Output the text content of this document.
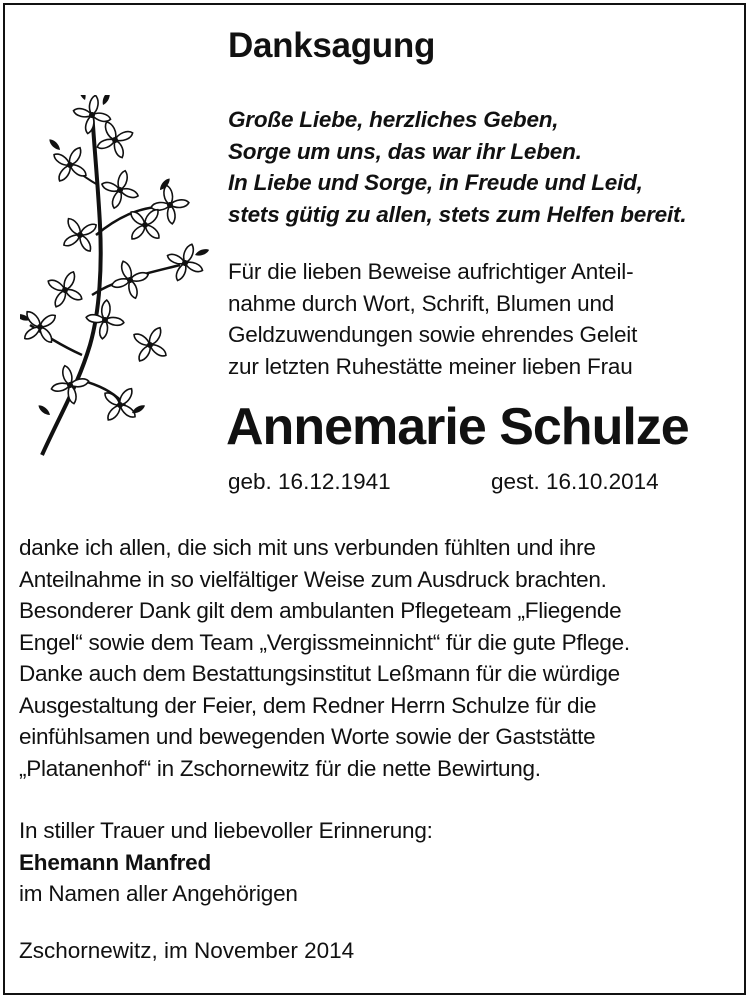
Danksagung
Große Liebe, herzliches Geben,
Sorge um uns, das war ihr Leben.
In Liebe und Sorge, in Freude und Leid,
stets gütig zu allen, stets zum Helfen bereit.
Für die lieben Beweise aufrichtiger Anteil-
nahme durch Wort, Schrift, Blumen und
Geldzuwendungen sowie ehrendes Geleit
zur letzten Ruhestätte meiner lieben Frau
Annemarie Schulze
geb. 16.12.1941	gest. 16.10.2014
danke ich allen, die sich mit uns verbunden fühlten und ihre
Anteilnahme in so vielfältiger Weise zum Ausdruck brachten.
Besonderer Dank gilt dem ambulanten Pflegeteam „Fliegende
Engel“ sowie dem Team „Vergissmeinnicht“ für die gute Pflege.
Danke auch dem Bestattungsinstitut Leßmann für die würdige
Ausgestaltung der Feier, dem Redner Herrn Schulze für die
einfühlsamen und bewegenden Worte sowie der Gaststätte
„Platanenhof“ in Zschornewitz für die nette Bewirtung.
In stiller Trauer und liebevoller Erinnerung:
Ehemann Manfred
im Namen aller Angehörigen
Zschornewitz, im November 2014
